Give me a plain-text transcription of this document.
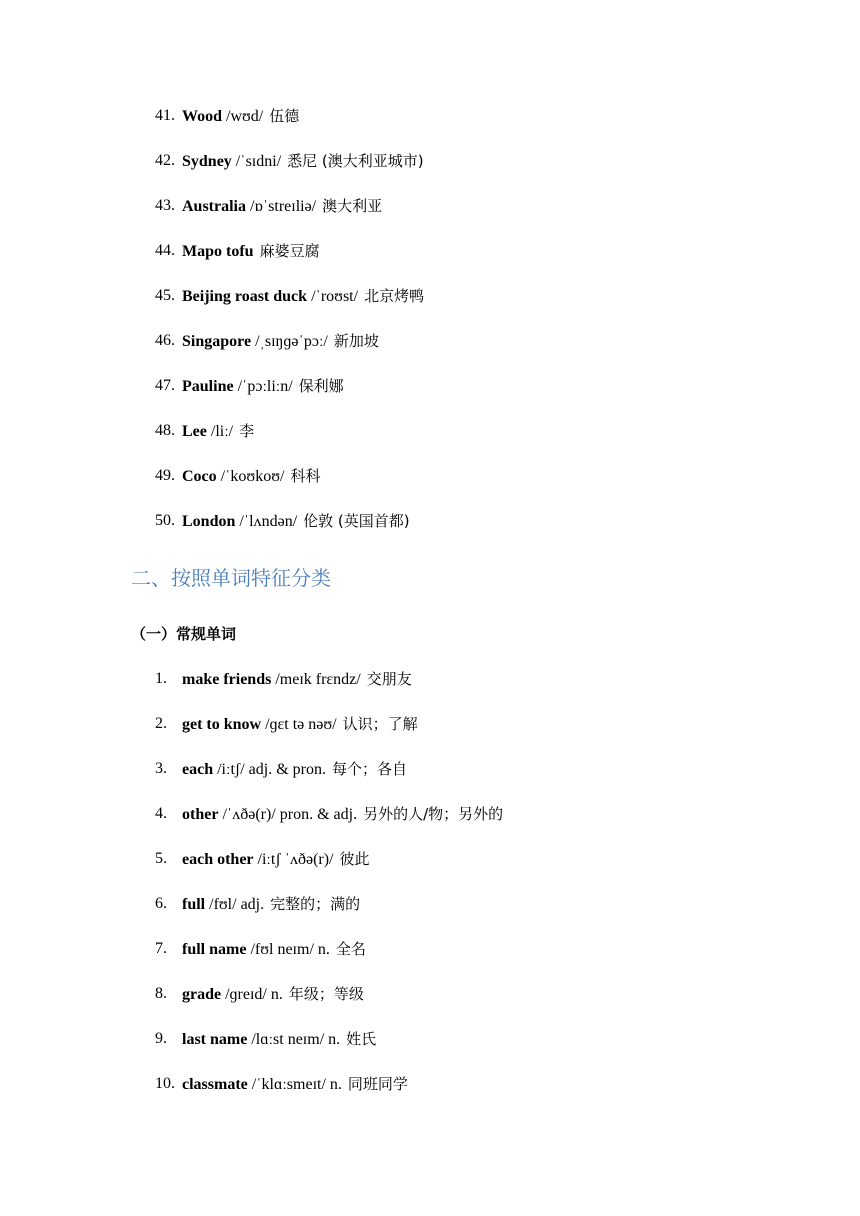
41. Wood /wʊd/ 伍德
42. Sydney /ˈsɪdni/ 悉尼 (澳大利亚城市)
43. Australia /ɒˈstreɪliə/ 澳大利亚
44. Mapo tofu 麻婆豆腐
45. Beijing roast duck /ˈroʊst/ 北京烤鸭
46. Singapore /ˌsɪŋɡəˈpɔː/ 新加坡
47. Pauline /ˈpɔːliːn/ 保利娜
48. Lee /liː/ 李
49. Coco /ˈkoʊkoʊ/ 科科
50. London /ˈlʌndən/ 伦敦 (英国首都)
二、按照单词特征分类
（一）常规单词
1. make friends /meɪk frɛndz/ 交朋友
2. get to know /ɡɛt tə nəʊ/ 认识；了解
3. each /iːtʃ/ adj. & pron. 每个；各自
4. other /ˈʌðə(r)/ pron. & adj. 另外的人/物；另外的
5. each other /iːtʃ ˈʌðə(r)/ 彼此
6. full /fʊl/ adj. 完整的；满的
7. full name /fʊl neɪm/ n. 全名
8. grade /ɡreɪd/ n. 年级；等级
9. last name /lɑːst neɪm/ n. 姓氏
10. classmate /ˈklɑːsmeɪt/ n. 同班同学
